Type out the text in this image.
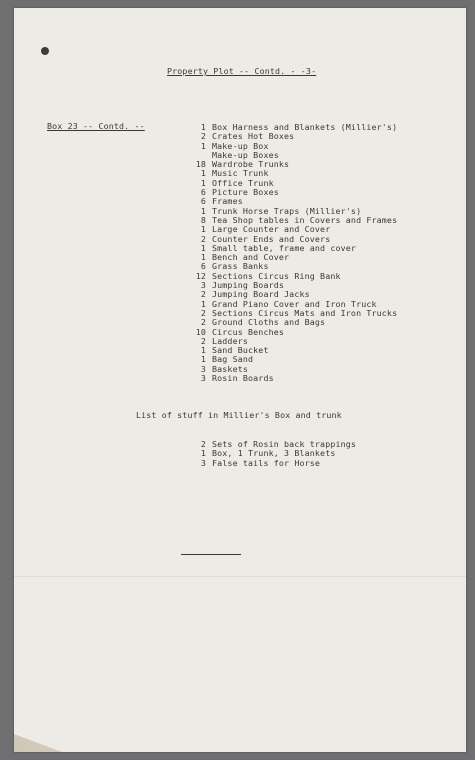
Property Plot -- Contd. - -3-
Box 23 -- Contd. --	1 Box Harness and Blankets (Millier's)
2 Crates Hot Boxes
1 Make-up Box
Make-up Boxes
18 Wardrobe Trunks
1 Music Trunk
1 Office Trunk
6 Picture Boxes
6 Frames
1 Trunk Horse Traps (Millier's)
8 Tea Shop tables in Covers and Frames
1 Large Counter and Cover
2 Counter Ends and Covers
1 Small table, frame and cover
1 Bench and Cover
6 Grass Banks
12 Sections Circus Ring Bank
3 Jumping Boards
2 Jumping Board Jacks
1 Grand Piano Cover and Iron Truck
2 Sections Circus Mats and Iron Trucks
2 Ground Cloths and Bags
10 Circus Benches
2 Ladders
1 Sand Bucket
1 Bag Sand
3 Baskets
3 Rosin Boards
List of stuff in Millier's Box and trunk
2 Sets of Rosin back trappings
1 Box, 1 Trunk, 3 Blankets
3 False tails for Horse
